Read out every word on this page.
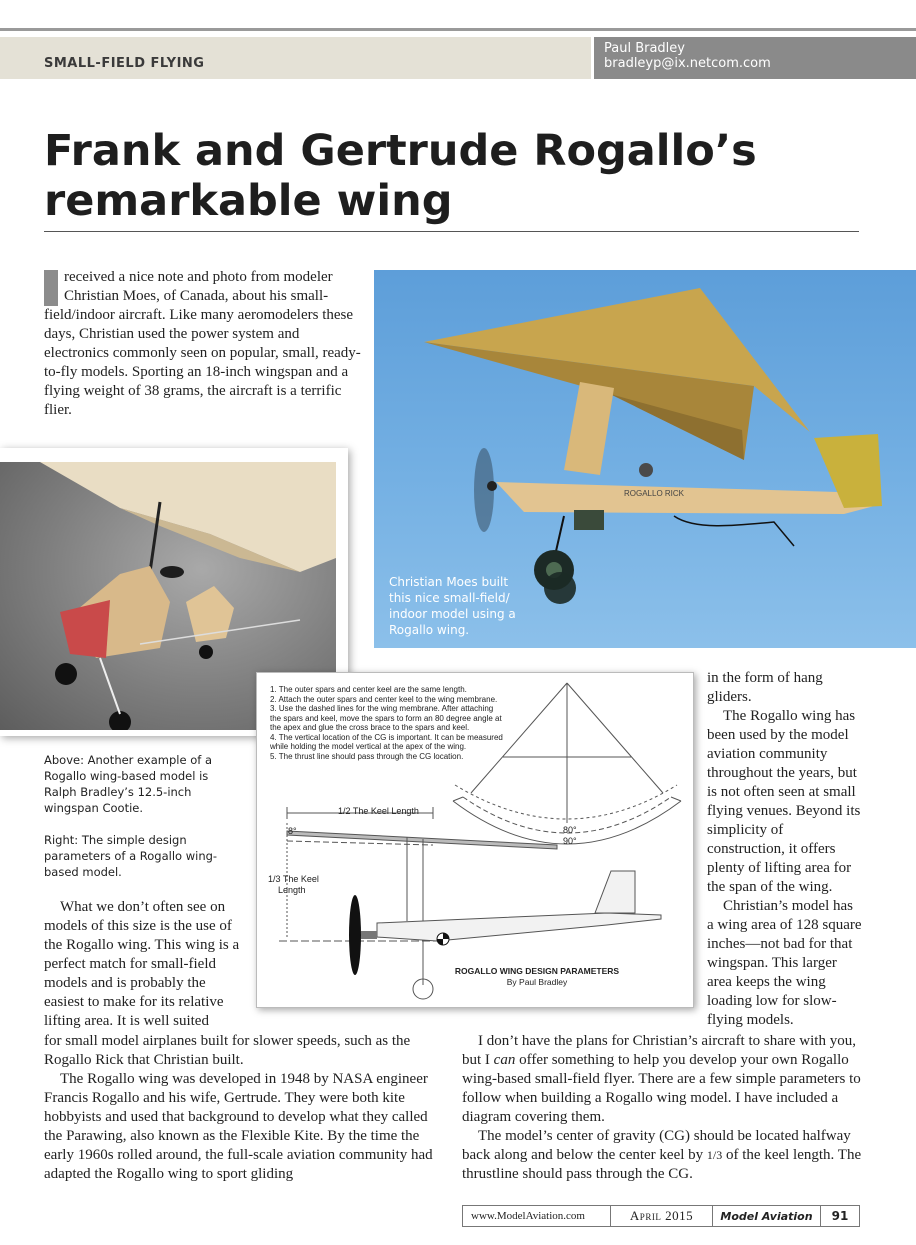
SMALL-FIELD FLYING
Paul Bradley
bradleyp@ix.netcom.com
Frank and Gertrude Rogallo’s
remarkable wing

received a nice note and photo from modeler Christian Moes, of Canada, about his small-field/indoor aircraft. Like many aeromodelers these days, Christian used the power system and electronics commonly seen on popular, small, ready-to-fly models. Sporting an 18-inch wingspan and a flying weight of 38 grams, the aircraft is a terrific flier.

ROGALLO RICK

Christian Moes built this nice small-field/ indoor model using a Rogallo wing.

Above: Another example of a Rogallo wing-based model is Ralph Bradley’s 12.5-inch wingspan Cootie.

Right: The simple design parameters of a Rogallo wing-based model.

1. The outer spars and center keel are the same length.
2. Attach the outer spars and center keel to the wing membrane.
3. Use the dashed lines for the wing membrane. After attaching the spars and keel, move the spars to form an 80 degree angle at the apex and glue the cross brace to the spars and keel.
4. The vertical location of the CG is important. It can be measured while holding the model vertical at the apex of the wing.
5. The thrust line should pass through the CG location.
1/2 The Keel Length
8°
1/3 The Keel
Length
80°
90°
ROGALLO WING DESIGN PARAMETERS
By Paul Bradley

What we don’t often see on models of this size is the use of the Rogallo wing. This wing is a perfect match for small-field models and is probably the easiest to make for its relative lifting area. It is well suited

for small model airplanes built for slower speeds, such as the Rogallo Rick that Christian built.

The Rogallo wing was developed in 1948 by NASA engineer Francis Rogallo and his wife, Gertrude. They were both kite hobbyists and used that background to develop what they called the Parawing, also known as the Flexible Kite. By the time the early 1960s rolled around, the full-scale aviation community had adapted the Rogallo wing to sport gliding

in the form of hang gliders.

The Rogallo wing has been used by the model aviation community throughout the years, but is not often seen at small flying venues. Beyond its simplicity of construction, it offers plenty of lifting area for the span of the wing.

Christian’s model has a wing area of 128 square inches—not bad for that wingspan. This larger area keeps the wing loading low for slow-flying models.

I don’t have the plans for Christian’s aircraft to share with you, but I can offer something to help you develop your own Rogallo wing-based small-field flyer. There are a few simple parameters to follow when building a Rogallo wing model. I have included a diagram covering them.

The model’s center of gravity (CG) should be located halfway back along and below the center keel by 1/3 of the keel length. The thrustline should pass through the CG.

www.ModelAviation.com	April 2015	Model Aviation	91
